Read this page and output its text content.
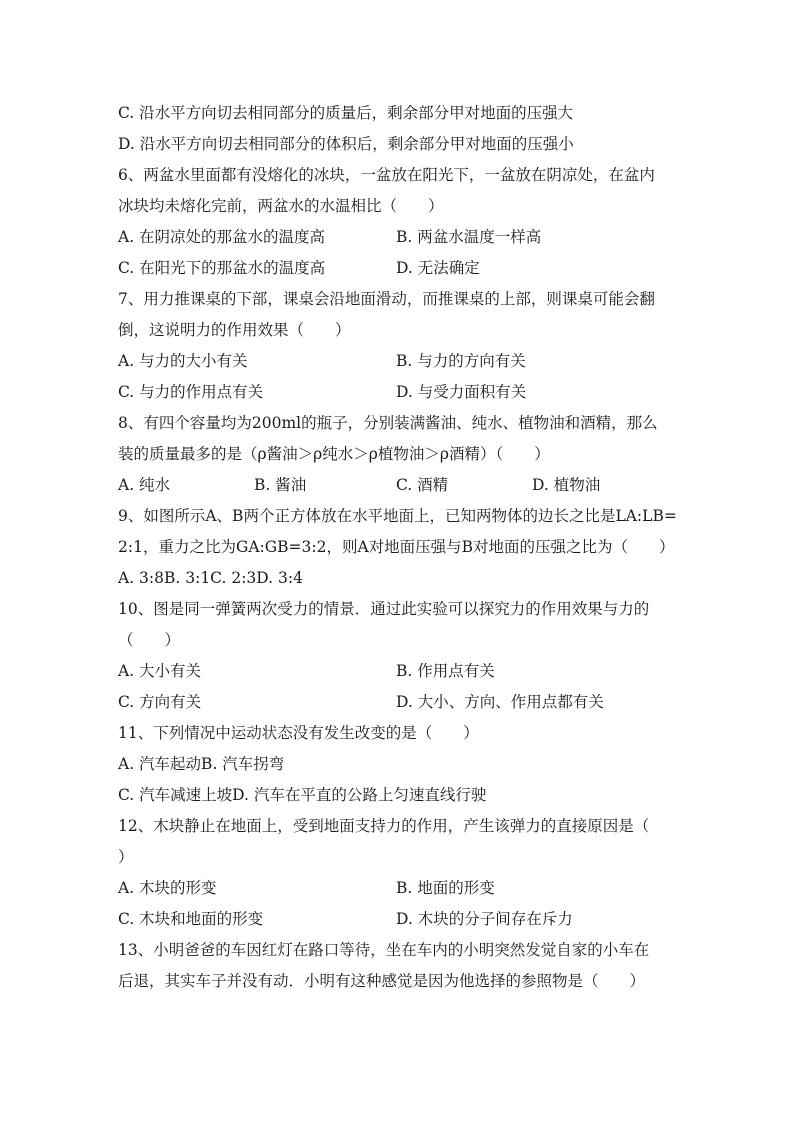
C. 沿水平方向切去相同部分的质量后，剩余部分甲对地面的压强大
D. 沿水平方向切去相同部分的体积后，剩余部分甲对地面的压强小
6、两盆水里面都有没熔化的冰块，一盆放在阳光下，一盆放在阴凉处，在盆内
冰块均未熔化完前，两盆水的水温相比（　　）
A. 在阴凉处的那盆水的温度高	B. 两盆水温度一样高
C. 在阳光下的那盆水的温度高	D. 无法确定
7、用力推课桌的下部，课桌会沿地面滑动，而推课桌的上部，则课桌可能会翻
倒，这说明力的作用效果（　　）
A. 与力的大小有关	B. 与力的方向有关
C. 与力的作用点有关	D. 与受力面积有关
8、有四个容量均为200ml的瓶子，分别装满酱油、纯水、植物油和酒精，那么
装的质量最多的是（ρ酱油＞ρ纯水＞ρ植物油＞ρ酒精）（　　）
A. 纯水	B. 酱油	C. 酒精	D. 植物油
9、如图所示A、B两个正方体放在水平地面上，已知两物体的边长之比是LA:LB=
2:1，重力之比为GA:GB=3:2，则A对地面压强与B对地面的压强之比为（　　）
A. 3:8B. 3:1C. 2:3D. 3:4
10、图是同一弹簧两次受力的情景．通过此实验可以探究力的作用效果与力的
（　　）
A. 大小有关	B. 作用点有关
C. 方向有关	D. 大小、方向、作用点都有关
11、下列情况中运动状态没有发生改变的是（　　）
A. 汽车起动B. 汽车拐弯
C. 汽车减速上坡D. 汽车在平直的公路上匀速直线行驶
12、木块静止在地面上，受到地面支持力的作用，产生该弹力的直接原因是（
）
A. 木块的形变	B. 地面的形变
C. 木块和地面的形变	D. 木块的分子间存在斥力
13、小明爸爸的车因红灯在路口等待，坐在车内的小明突然发觉自家的小车在
后退，其实车子并没有动．小明有这种感觉是因为他选择的参照物是（　　）
